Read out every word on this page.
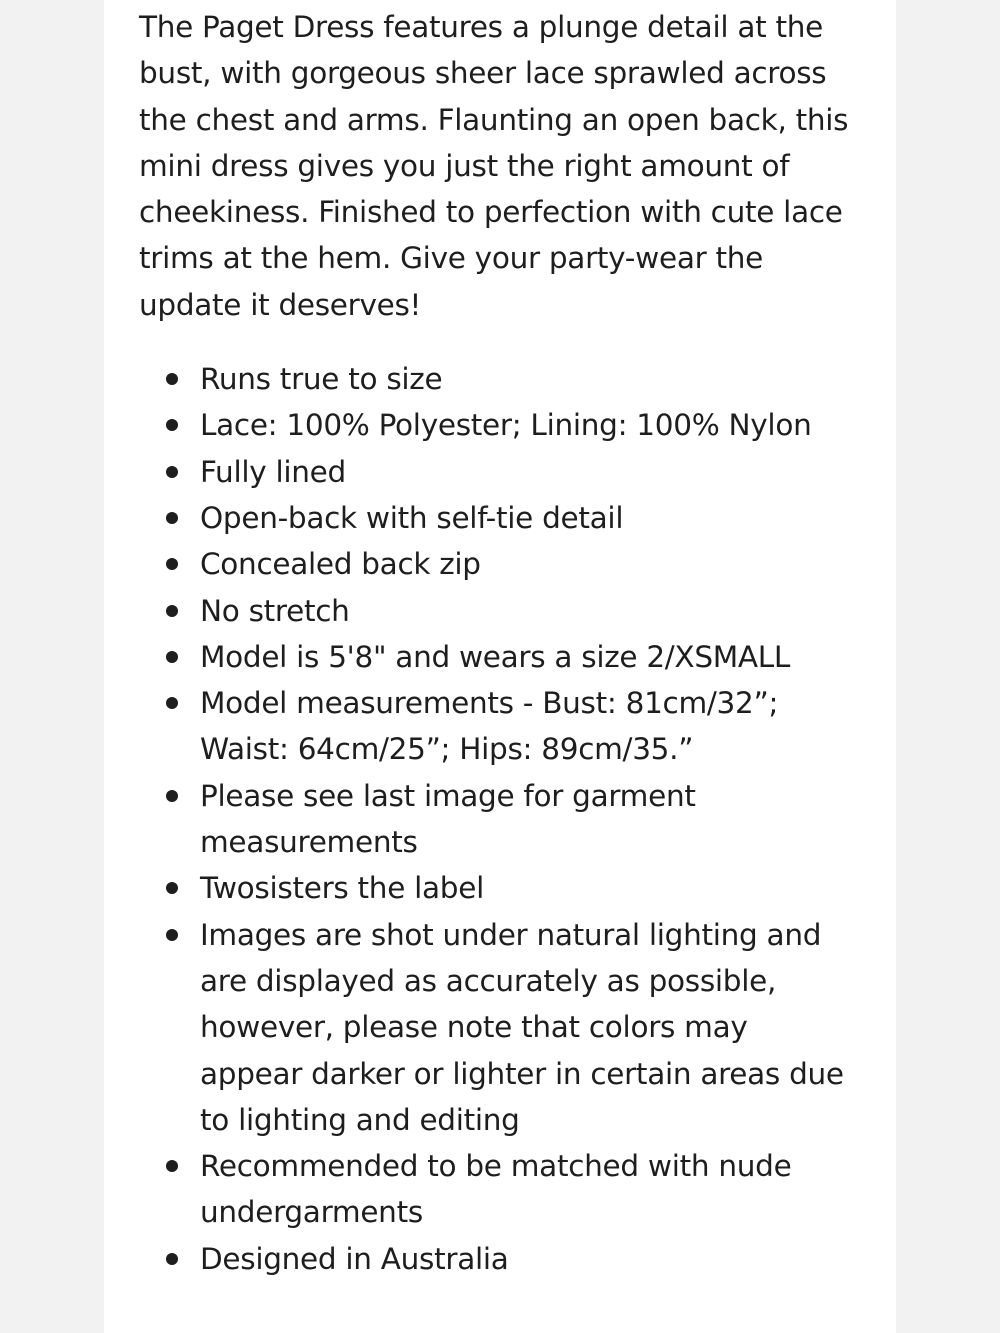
The Paget Dress features a plunge detail at the bust, with gorgeous sheer lace sprawled across the chest and arms. Flaunting an open back, this mini dress gives you just the right amount of cheekiness. Finished to perfection with cute lace trims at the hem. Give your party-wear the update it deserves!

Runs true to size
Lace: 100% Polyester; Lining: 100% Nylon
Fully lined
Open-back with self-tie detail
Concealed back zip
No stretch
Model is 5'8" and wears a size 2/XSMALL
Model measurements - Bust: 81cm/32”; Waist: 64cm/25”; Hips: 89cm/35.”
Please see last image for garment measurements
Twosisters the label
Images are shot under natural lighting and are displayed as accurately as possible, however, please note that colors may appear darker or lighter in certain areas due to lighting and editing
Recommended to be matched with nude undergarments
Designed in Australia
